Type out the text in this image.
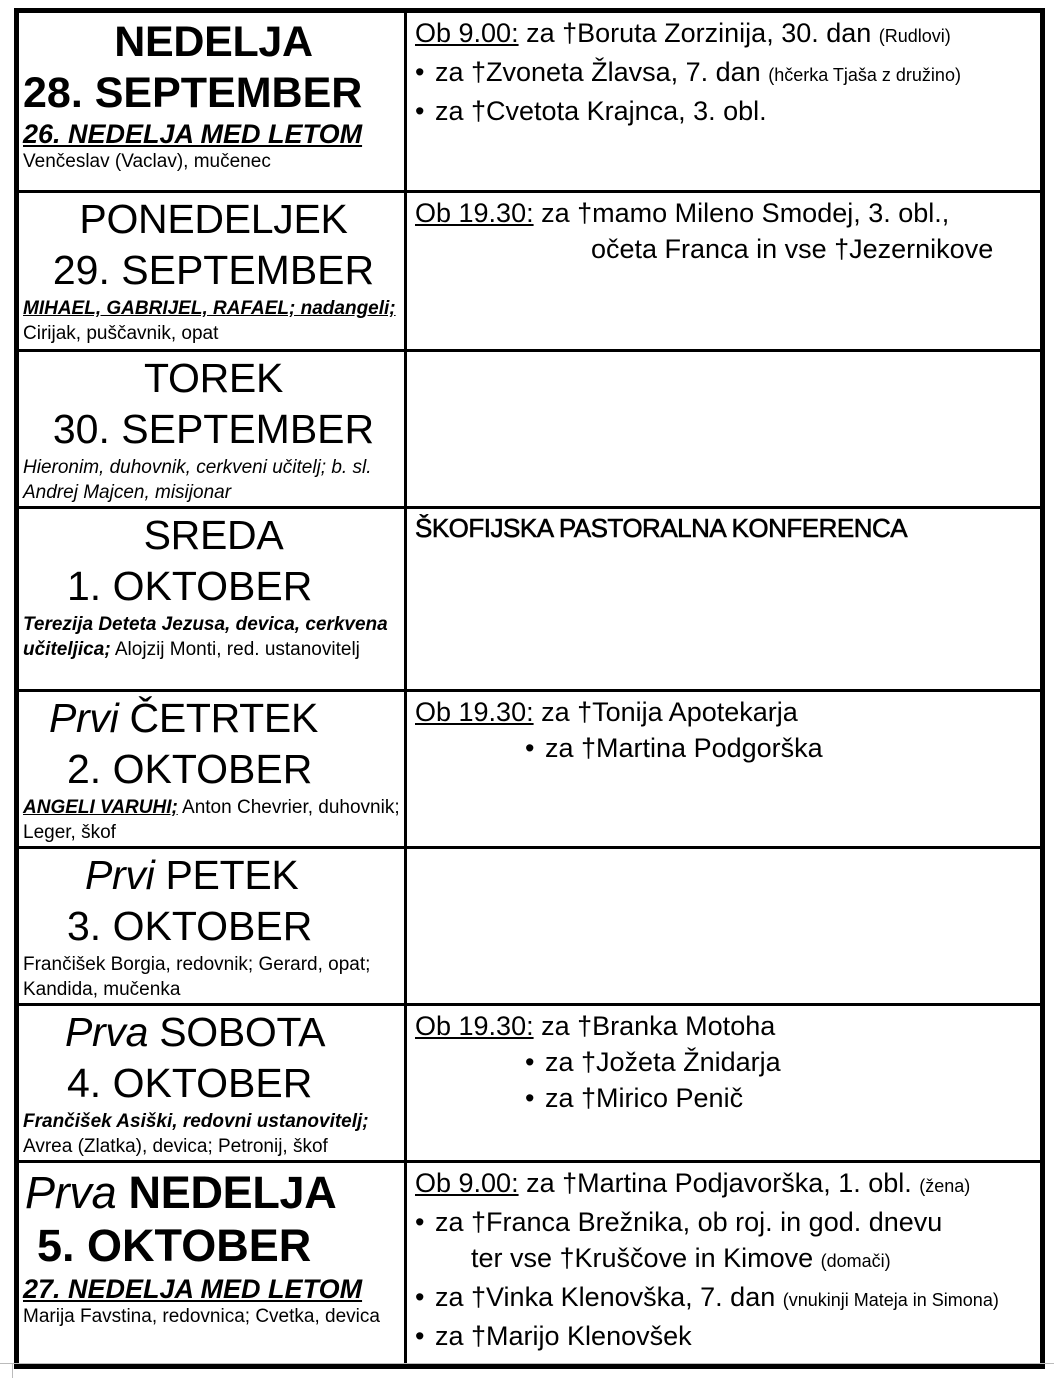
NEDELJA
28. SEPTEMBER
26. NEDELJA MED LETOM
Venčeslav (Vaclav), mučenec
Ob 9.00: za †Boruta Zorzinija, 30. dan (Rudlovi)
• za †Zvoneta Žlavsa, 7. dan (hčerka Tjaša z družino)
• za †Cvetota Krajnca, 3. obl.
PONEDELJEK
29. SEPTEMBER
MIHAEL, GABRIJEL, RAFAEL; nadangeli; Cirijak, puščavnik, opat
Ob 19.30: za †mamo Mileno Smodej, 3. obl.,
očeta Franca in vse †Jezernikove
TOREK
30. SEPTEMBER
Hieronim, duhovnik, cerkveni učitelj; b. sl. Andrej Majcen, misijonar
SREDA
1. OKTOBER
Terezija Deteta Jezusa, devica, cerkvena učiteljica; Alojzij Monti, red. ustanovitelj
ŠKOFIJSKA PASTORALNA KONFERENCA
Prvi ČETRTEK
2. OKTOBER
ANGELI VARUHI; Anton Chevrier, duhovnik; Leger, škof
Ob 19.30: za †Tonija Apotekarja
• za †Martina Podgorška
Prvi PETEK
3. OKTOBER
Frančišek Borgia, redovnik; Gerard, opat; Kandida, mučenka
Prva SOBOTA
4. OKTOBER
Frančišek Asiški, redovni ustanovitelj; Avrea (Zlatka), devica; Petronij, škof
Ob 19.30: za †Branka Motoha
• za †Jožeta Žnidarja
• za †Mirico Penič
Prva NEDELJA
5. OKTOBER
27. NEDELJA MED LETOM
Marija Favstina, redovnica; Cvetka, devica
Ob 9.00: za †Martina Podjavorška, 1. obl. (žena)
• za †Franca Brežnika, ob roj. in god. dnevu
ter vse †Kruščove in Kimove (domači)
• za †Vinka Klenovška, 7. dan (vnukinji Mateja in Simona)
• za †Marijo Klenovšek
